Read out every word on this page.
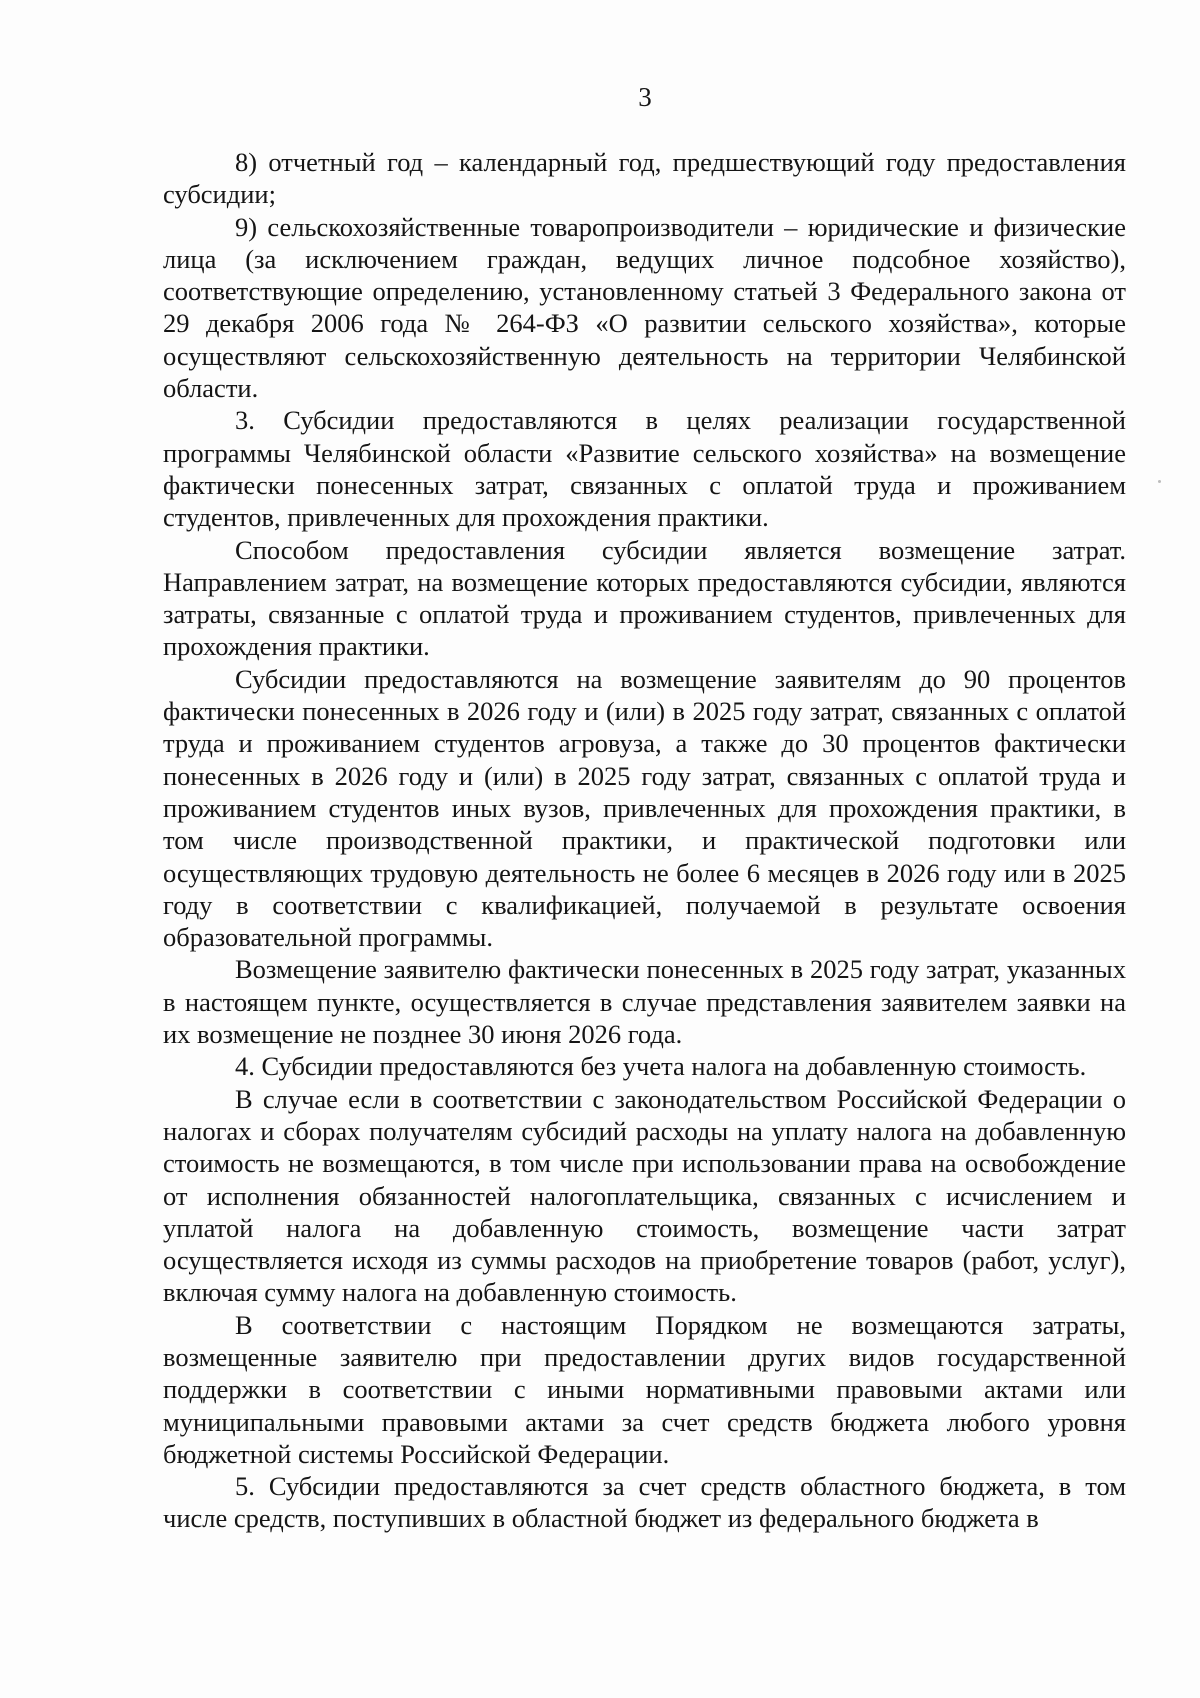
3

8) отчетный год – календарный год, предшествующий году предоставления субсидии;

9) сельскохозяйственные товаропроизводители – юридические и физические лица (за исключением граждан, ведущих личное подсобное хозяйство), соответствующие определению, установленному статьей 3 Федерального закона от 29 декабря 2006 года № 264-ФЗ «О развитии сельского хозяйства», которые осуществляют сельскохозяйственную деятельность на территории Челябинской области.

3. Субсидии предоставляются в целях реализации государственной программы Челябинской области «Развитие сельского хозяйства» на возмещение фактически понесенных затрат, связанных с оплатой труда и проживанием студентов, привлеченных для прохождения практики.

Способом предоставления субсидии является возмещение затрат. Направлением затрат, на возмещение которых предоставляются субсидии, являются затраты, связанные с оплатой труда и проживанием студентов, привлеченных для прохождения практики.

Субсидии предоставляются на возмещение заявителям до 90 процентов фактически понесенных в 2026 году и (или) в 2025 году затрат, связанных с оплатой труда и проживанием студентов агровуза, а также до 30 процентов фактически понесенных в 2026 году и (или) в 2025 году затрат, связанных с оплатой труда и проживанием студентов иных вузов, привлеченных для прохождения практики, в том числе производственной практики, и практической подготовки или осуществляющих трудовую деятельность не более 6 месяцев в 2026 году или в 2025 году в соответствии с квалификацией, получаемой в результате освоения образовательной программы.

Возмещение заявителю фактически понесенных в 2025 году затрат, указанных в настоящем пункте, осуществляется в случае представления заявителем заявки на их возмещение не позднее 30 июня 2026 года.

4. Субсидии предоставляются без учета налога на добавленную стоимость.

В случае если в соответствии с законодательством Российской Федерации о налогах и сборах получателям субсидий расходы на уплату налога на добавленную стоимость не возмещаются, в том числе при использовании права на освобождение от исполнения обязанностей налогоплательщика, связанных с исчислением и уплатой налога на добавленную стоимость, возмещение части затрат осуществляется исходя из суммы расходов на приобретение товаров (работ, услуг), включая сумму налога на добавленную стоимость.

В соответствии с настоящим Порядком не возмещаются затраты, возмещенные заявителю при предоставлении других видов государственной поддержки в соответствии с иными нормативными правовыми актами или муниципальными правовыми актами за счет средств бюджета любого уровня бюджетной системы Российской Федерации.

5. Субсидии предоставляются за счет средств областного бюджета, в том числе средств, поступивших в областной бюджет из федерального бюджета в
